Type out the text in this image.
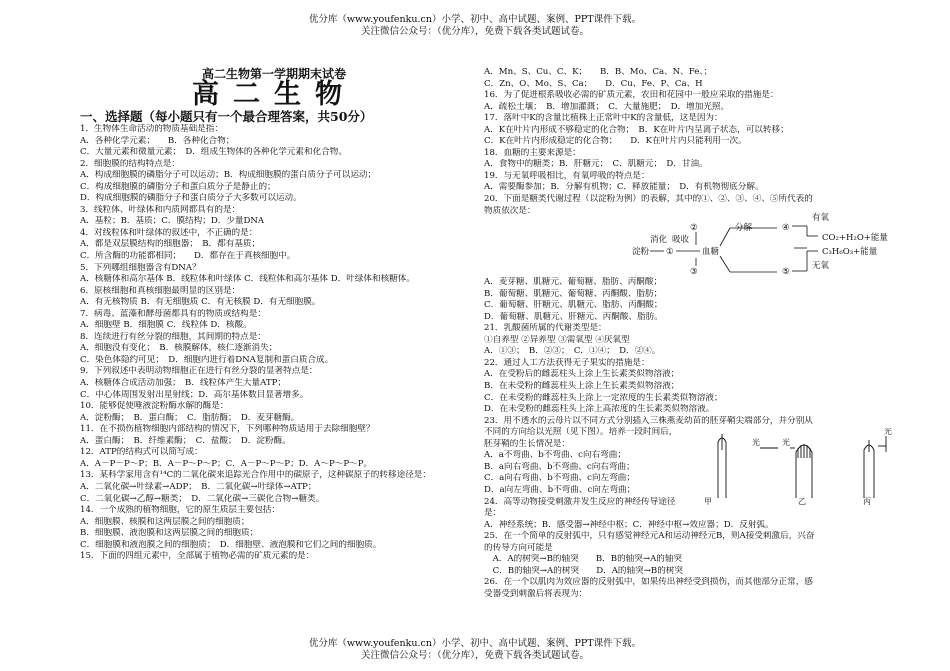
优分库（www.youfenku.cn）小学、初中、高中试题、案例、PPT课件下载。
关注微信公众号：（优分库），免费下载各类试题试卷。
高二生物第一学期期末试卷
高二生物
一、选择题（每小题只有一个最合理答案，共50分）

1．生物体生命活动的物质基础是指：

A．各种化学元素；　　B．各种化合物；

C．大量元素和微量元素；　D．组成生物体的各种化学元素和化合物。

2．细胞膜的结构特点是：

A．构成细胞膜的磷脂分子可以运动；B．构成细胞膜的蛋白质分子可以运动；

C．构成细胞膜的磷脂分子和蛋白质分子是静止的；

D．构成细胞膜的磷脂分子和蛋白质分子大多数可以运动。

3．线粒体、叶绿体和内质网都具有的是：

A．基粒；B．基质；C．膜结构；D．少量DNA

4．对线粒体和叶绿体的叙述中，不正确的是：

A．都是双层膜结构的细胞器；　B．都有基质；

C．所含酶的功能都相同；　　D．都存在于真核细胞中。

5．下列哪组细胞器含有DNA？

A．核糖体和高尔基体 B．线粒体和叶绿体 C．线粒体和高尔基体 D．叶绿体和核糖体。

6．原核细胞和真核细胞最明显的区别是：

A．有无核物质 B．有无细胞质 C．有无核膜 D．有无细胞膜。

7．病毒、蓝藻和酵母菌都具有的物质或结构是：

A．细胞壁 B．细胞膜 C．线粒体 D．核酸。

8．连续进行有丝分裂的细胞，其间期的特点是：

A．细胞没有变化；　B．核膜解体，核仁逐渐消失；

C．染色体隐约可见；　D．细胞内进行着DNA复制和蛋白质合成。

9．下列叙述中表明动物细胞正在进行有丝分裂的显著特点是：

A．核糖体合成活动加强；　B．线粒体产生大量ATP；

C．中心体周围发射出星射线；D．高尔基体数目显著增多。

10．能够促使唾液淀粉酶水解的酶是：

A．淀粉酶；　B．蛋白酶；　C．脂肪酶；　D．麦芽糖酶。

11．在不损伤植物细胞内部结构的情况下，下列哪种物质适用于去除细胞壁？

A．蛋白酶；　B．纤维素酶；　C．盐酸；　D．淀粉酶。

12．ATP的结构式可以简写成：

A．A－P－P～P；B．A－P～P～P；C．A－P～P～P；D．A～P～P～P。

13．某科学家用含有¹⁴C的二氧化碳来追踪光合作用中的碳原子，这种碳原子的转移途径是：

A．二氧化碳→叶绿素→ADP；　B．二氧化碳→叶绿体→ATP；

C．二氧化碳→乙醇→糖类；　D．二氧化碳→三碳化合物→糖类。

14．一个成熟的植物细胞，它的原生质层主要包括：

A．细胞膜、核膜和这两层膜之间的细胞质；

B．细胞膜、液泡膜和这两层膜之间的细胞质；

C．细胞膜和液泡膜之间的细胞质；　D．细胞壁、液泡膜和它们之间的细胞质。

15．下面的四组元素中，全部属于植物必需的矿质元素的是：

A．Mn、S、Cu、C、K；　　B．B、Mo、Ca、N、Fe、；

C．Zn、O、Mo、S、Ca；　　D．Cu、Fe、P、Ca、H

16．为了促进根系吸收必需的矿质元素，农田和花园中一般应采取的措施是：

A．疏松土壤；　B．增加灌溉；　C．大量施肥；　D．增加光照。

17．落叶中K的含量比植株上正常叶中K的含量低，这是因为：

A．K在叶片内形成不够稳定的化合物；　B．K在叶片内呈离子状态，可以转移；

C．K在叶片内形成稳定的化合物；　　D．K在叶片内只能利用一次。

18．血糖的主要来源是：

A．食物中的糖类；B．肝糖元；　C．肌糖元；　D．甘油。

19．与无氧呼吸相比，有氧呼吸的特点是：

A．需要酶参加；B．分解有机物；C．释放能量；　D．有机物彻底分解。

20．下面是糖类代谢过程（以淀粉为例）的表解，其中的①、②、③、④、⑤所代表的

物质依次是：

A．麦芽糖、肌糖元、葡萄糖、脂肪、丙酮酸；

B．葡萄糖、肌糖元、葡萄糖、丙酮酸、脂肪；

C．葡萄糖、肝糖元、肌糖元、脂肪、丙酮酸；

D．葡萄糖、肌糖元、肝糖元、丙酮酸、脂肪。

21．乳酸菌所属的代谢类型是：

①自养型 ②异养型 ③需氧型 ④厌氧型

A．①③；　B．②③；　C．①④；　D．②④。

22．通过人工方法获得无子果实的措施是：

A．在受粉后的雌蕊柱头上涂上生长素类似物溶液；

B．在未受粉的雌蕊柱头上涂上生长素类似物溶液；

C．在未受粉的雌蕊柱头上涂上一定浓度的生长素类似物溶液；

D．在未受粉的雌蕊柱头上涂上高浓度的生长素类似物溶液。

23．用不透水的云母片以不同方式分别插入三株燕麦幼苗的胚芽鞘尖端部分，并分别从

不同的方向给以光照（见下图）。培养一段时间后，

胚芽鞘的生长情况是：

A．a不弯曲、b不弯曲、c向右弯曲；

B．a向右弯曲、b不弯曲、c向右弯曲；

C．a向右弯曲、b不弯曲、c向左弯曲；

D．a向左弯曲、b不弯曲、c向左弯曲；

24．高等动物接受刺激并发生反应的神经传导途径

是：

A．神经系统；B．感受器→神经中枢；C．神经中枢→效应器；D．反射弧。

25．在一个简单的反射弧中，只有感觉神经元A和运动神经元B，则A接受刺激后，兴奋

的传导方向可能是

　A．A的树突→B的轴突　　B．B的轴突→A的轴突

　C．B的轴突→A的树突　　D．A的轴突→B的树突

26．在一个以肌肉为效应器的反射弧中，如果传出神经受到损伤，而其他部分正常，感

受器受到刺激后将表现为：

②
淀粉
消化 吸收
①	血糖
③
分解	④
⑤
有氧
无氧
CO₂+H₂O+能量
C₃H₆O₃+能量
光	光
光
甲	乙	丙
优分库（www.youfenku.cn）小学、初中、高中试题、案例、PPT课件下载。
关注微信公众号：（优分库），免费下载各类试题试卷。
